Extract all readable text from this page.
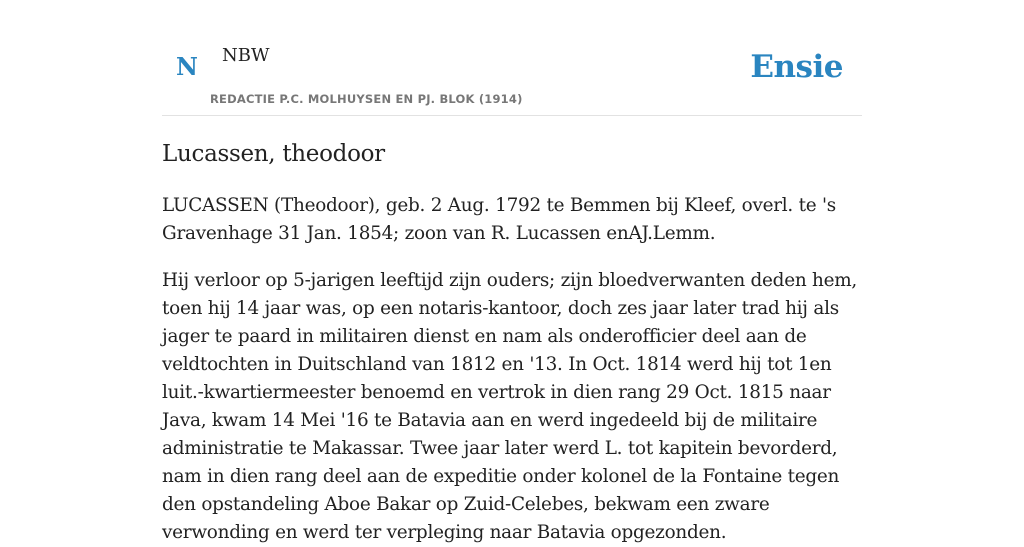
N NBW
REDACTIE P.C. MOLHUYSEN EN PJ. BLOK (1914)
Ensie
Lucassen, theodoor

LUCASSEN (Theodoor), geb. 2 Aug. 1792 te Bemmen bij Kleef, overl. te 's Gravenhage 31 Jan. 1854; zoon van R. Lucassen enAJ.Lemm.

Hij verloor op 5-jarigen leeftijd zijn ouders; zijn bloedverwanten deden hem, toen hij 14 jaar was, op een notaris-kantoor, doch zes jaar later trad hij als jager te paard in militairen dienst en nam als onderofficier deel aan de veldtochten in Duitschland van 1812 en '13. In Oct. 1814 werd hij tot 1en luit.-kwartiermeester benoemd en vertrok in dien rang 29 Oct. 1815 naar Java, kwam 14 Mei '16 te Batavia aan en werd ingedeeld bij de militaire administratie te Makassar. Twee jaar later werd L. tot kapitein bevorderd, nam in dien rang deel aan de expeditie onder kolonel de la Fontaine tegen den opstandeling Aboe Bakar op Zuid-Celebes, bekwam een zware verwonding en werd ter verpleging naar Batavia opgezonden.
